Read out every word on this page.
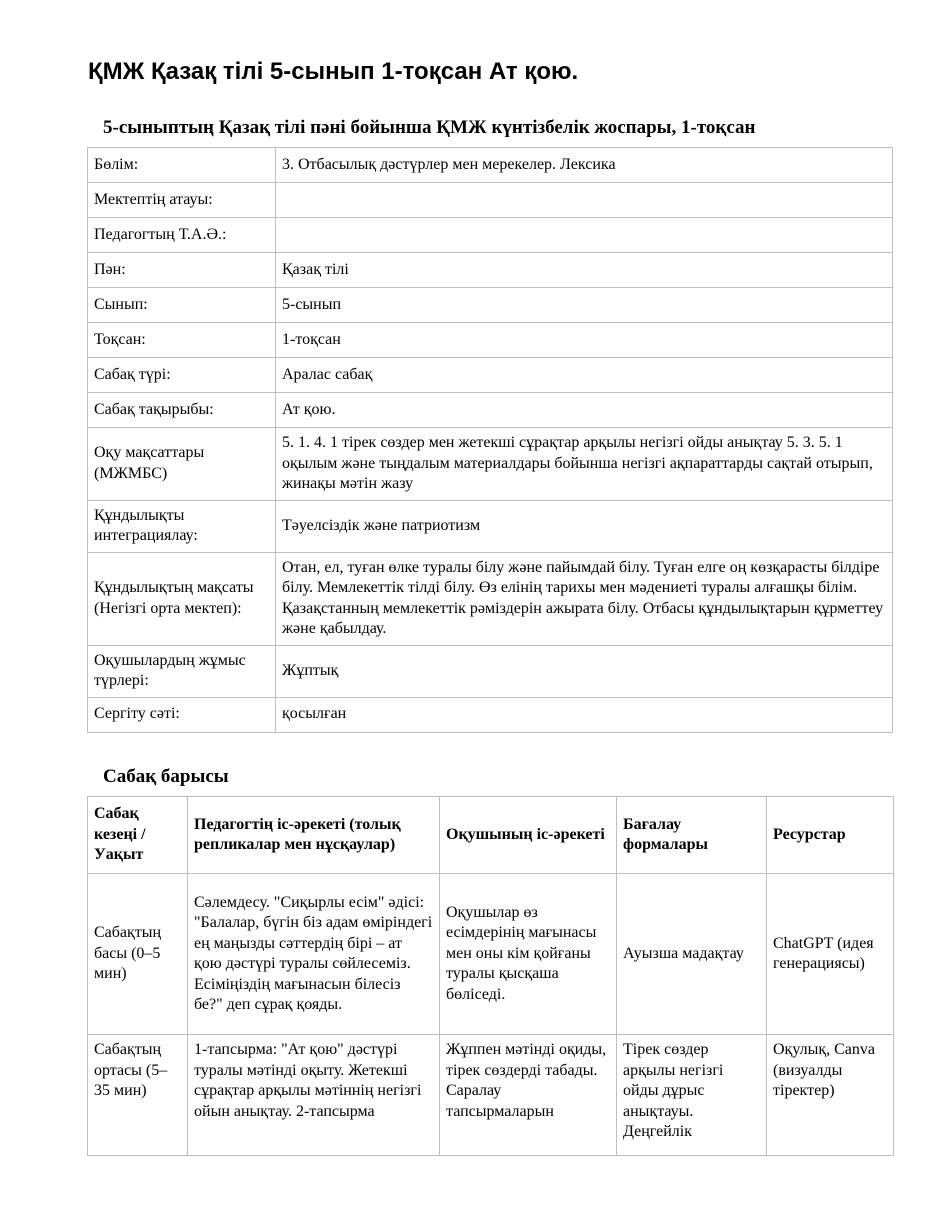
ҚМЖ Қазақ тілі 5-сынып 1-тоқсан Ат қою.
5-сыныптың Қазақ тілі пәні бойынша ҚМЖ күнтізбелік жоспары, 1-тоқсан
Бөлім:	3. Отбасылық дәстүрлер мен мерекелер. Лексика
Мектептің атауы:	
Педагогтың Т.А.Ә.:	
Пән:	Қазақ тілі
Сынып:	5-сынып
Тоқсан:	1-тоқсан
Сабақ түрі:	Аралас сабақ
Сабақ тақырыбы:	Ат қою.
Оқу мақсаттары (МЖМБС)	5. 1. 4. 1 тірек сөздер мен жетекші сұрақтар арқылы негізгі ойды анықтау 5. 3. 5. 1 оқылым және тыңдалым материалдары бойынша негізгі ақпараттарды сақтай отырып, жинақы мәтін жазу
Құндылықты интеграциялау:	Тәуелсіздік және патриотизм
Құндылықтың мақсаты (Негізгі орта мектеп):	Отан, ел, туған өлке туралы білу және пайымдай білу. Туған елге оң көзқарасты білдіре білу. Мемлекеттік тілді білу. Өз елінің тарихы мен мәдениеті туралы алғашқы білім. Қазақстанның мемлекеттік рәміздерін ажырата білу. Отбасы құндылықтарын құрметтеу және қабылдау.
Оқушылардың жұмыс түрлері:	Жұптық
Сергіту сәті:	қосылған
Сабақ барысы
Сабақ кезеңі / Уақыт	Педагогтің іс-әрекеті (толық репликалар мен нұсқаулар)	Оқушының іс-әрекеті	Бағалау формалары	Ресурстар
Сабақтың басы (0–5 мин)	Сәлемдесу. "Сиқырлы есім" әдісі: "Балалар, бүгін біз адам өміріндегі ең маңызды сәттердің бірі – ат қою дәстүрі туралы сөйлесеміз. Есіміңіздің мағынасын білесіз бе?" деп сұрақ қояды.	Оқушылар өз есімдерінің мағынасы мен оны кім қойғаны туралы қысқаша бөліседі.	Ауызша мадақтау	ChatGPT (идея генерациясы)
Сабақтың ортасы (5–35 мин)	1-тапсырма: "Ат қою" дәстүрі туралы мәтінді оқыту. Жетекші сұрақтар арқылы мәтіннің негізгі ойын анықтау. 2-тапсырма	Жұппен мәтінді оқиды, тірек сөздерді табады. Саралау тапсырмаларын	Тірек сөздер арқылы негізгі ойды дұрыс анықтауы. Деңгейлік	Оқулық, Canva (визуалды тіректер)
